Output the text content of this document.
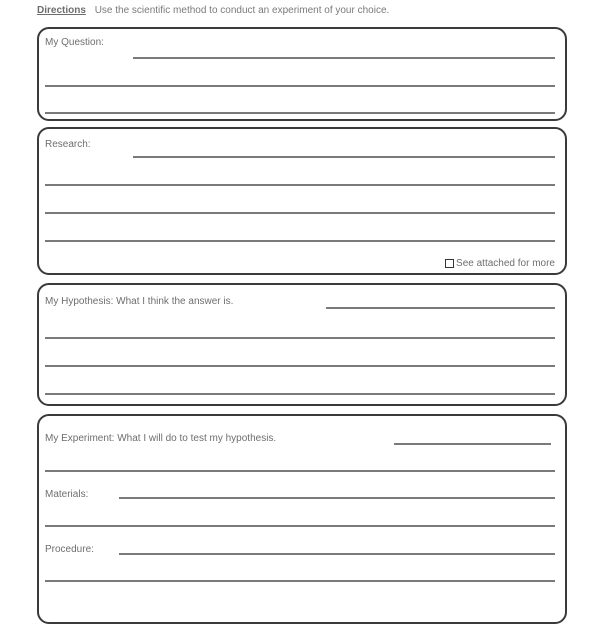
Directions Use the scientific method to conduct an experiment of your choice.
My Question:
Research:
See attached for more
My Hypothesis: What I think the answer is.
My Experiment: What I will do to test my hypothesis.
Materials:
Procedure:
